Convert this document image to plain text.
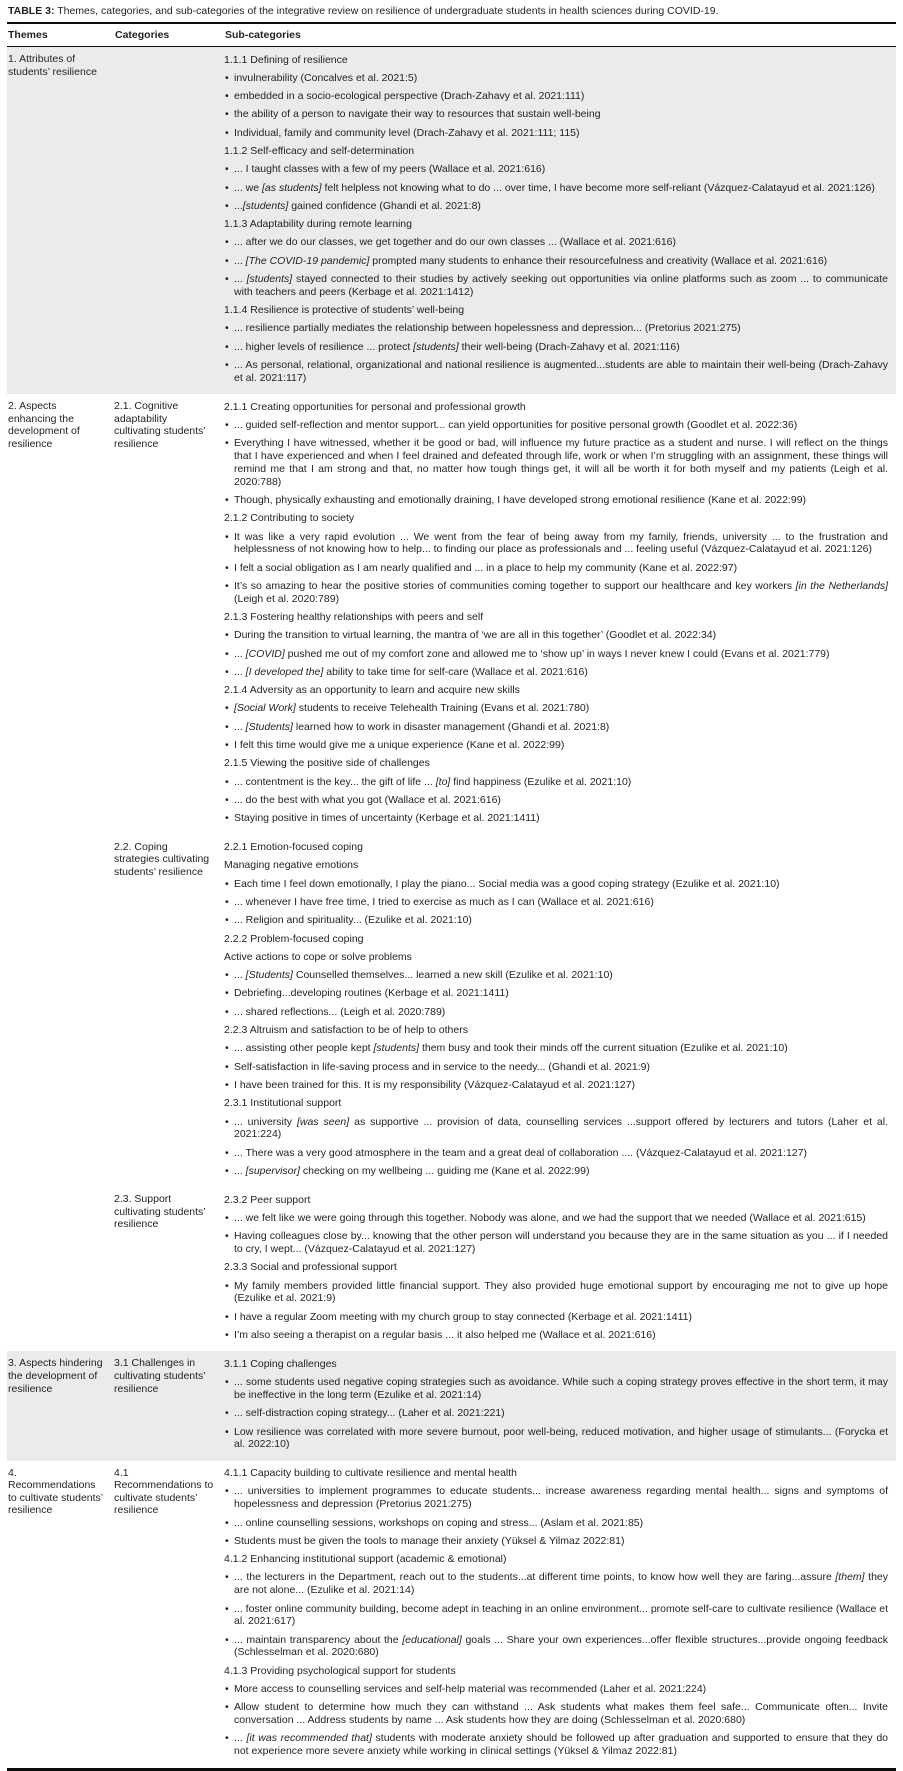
TABLE 3: Themes, categories, and sub-categories of the integrative review on resilience of undergraduate students in health sciences during COVID-19.
Themes	Categories	Sub-categories
1. Attributes of students’ resilience
1.1.1 Defining of resilience
• invulnerability (Concalves et al. 2021:5)
• embedded in a socio-ecological perspective (Drach-Zahavy et al. 2021:111)
• the ability of a person to navigate their way to resources that sustain well-being
• Individual, family and community level (Drach-Zahavy et al. 2021:111; 115)
1.1.2 Self-efficacy and self-determination
• ... I taught classes with a few of my peers (Wallace et al. 2021:616)
• ... we [as students] felt helpless not knowing what to do ... over time, I have become more self-reliant (Vázquez-Calatayud et al. 2021:126)
• ...[students] gained confidence (Ghandi et al. 2021:8)
1.1.3 Adaptability during remote learning
• ... after we do our classes, we get together and do our own classes ... (Wallace et al. 2021:616)
• ... [The COVID-19 pandemic] prompted many students to enhance their resourcefulness and creativity (Wallace et al. 2021:616)
• ... [students] stayed connected to their studies by actively seeking out opportunities via online platforms such as zoom ... to communicate with teachers and peers (Kerbage et al. 2021:1412)
1.1.4 Resilience is protective of students’ well-being
• ... resilience partially mediates the relationship between hopelessness and depression... (Pretorius 2021:275)
• ... higher levels of resilience ... protect [students] their well-being (Drach-Zahavy et al. 2021:116)
• ... As personal, relational, organizational and national resilience is augmented...students are able to maintain their well-being (Drach-Zahavy et al. 2021:117)
2. Aspects enhancing the development of resilience
2.1. Cognitive adaptability cultivating students’ resilience
2.1.1 Creating opportunities for personal and professional growth
• ... guided self-reflection and mentor support... can yield opportunities for positive personal growth (Goodlet et al. 2022:36)
• Everything I have witnessed, whether it be good or bad, will influence my future practice as a student and nurse. I will reflect on the things that I have experienced and when I feel drained and defeated through life, work or when I’m struggling with an assignment, these things will remind me that I am strong and that, no matter how tough things get, it will all be worth it for both myself and my patients (Leigh et al. 2020:788)
• Though, physically exhausting and emotionally draining, I have developed strong emotional resilience (Kane et al. 2022:99)
2.1.2 Contributing to society
• It was like a very rapid evolution ... We went from the fear of being away from my family, friends, university ... to the frustration and helplessness of not knowing how to help... to finding our place as professionals and ... feeling useful (Vázquez-Calatayud et al. 2021:126)
• I felt a social obligation as I am nearly qualified and ... in a place to help my community (Kane et al. 2022:97)
• It’s so amazing to hear the positive stories of communities coming together to support our healthcare and key workers [in the Netherlands] (Leigh et al. 2020:789)
2.1.3 Fostering healthy relationships with peers and self
• During the transition to virtual learning, the mantra of ‘we are all in this together’ (Goodlet et al. 2022:34)
• ... [COVID] pushed me out of my comfort zone and allowed me to ‘show up’ in ways I never knew I could (Evans et al. 2021:779)
• ... [I developed the] ability to take time for self-care (Wallace et al. 2021:616)
2.1.4 Adversity as an opportunity to learn and acquire new skills
• [Social Work] students to receive Telehealth Training (Evans et al. 2021:780)
• ... [Students] learned how to work in disaster management (Ghandi et al. 2021:8)
• I felt this time would give me a unique experience (Kane et al. 2022:99)
2.1.5 Viewing the positive side of challenges
• ... contentment is the key... the gift of life ... [to] find happiness (Ezulike et al. 2021:10)
• ... do the best with what you got (Wallace et al. 2021:616)
• Staying positive in times of uncertainty (Kerbage et al. 2021:1411)
2.2. Coping strategies cultivating students’ resilience
2.2.1 Emotion-focused coping
Managing negative emotions
• Each time I feel down emotionally, I play the piano... Social media was a good coping strategy (Ezulike et al. 2021:10)
• ... whenever I have free time, I tried to exercise as much as I can (Wallace et al. 2021:616)
• ... Religion and spirituality... (Ezulike et al. 2021:10)
2.2.2 Problem-focused coping
Active actions to cope or solve problems
• ... [Students] Counselled themselves... learned a new skill (Ezulike et al. 2021:10)
• Debriefing...developing routines (Kerbage et al. 2021:1411)
• ... shared reflections... (Leigh et al. 2020:789)
2.2.3 Altruism and satisfaction to be of help to others
• ... assisting other people kept [students] them busy and took their minds off the current situation (Ezulike et al. 2021:10)
• Self-satisfaction in life-saving process and in service to the needy... (Ghandi et al. 2021:9)
• I have been trained for this. It is my responsibility (Vázquez-Calatayud et al. 2021:127)
2.3.1 Institutional support
• ... university [was seen] as supportive ... provision of data, counselling services ...support offered by lecturers and tutors (Laher et al. 2021:224)
• ... There was a very good atmosphere in the team and a great deal of collaboration .... (Vázquez-Calatayud et al. 2021:127)
• ... [supervisor] checking on my wellbeing ... guiding me (Kane et al. 2022:99)
2.3. Support cultivating students’ resilience
2.3.2 Peer support
• ... we felt like we were going through this together. Nobody was alone, and we had the support that we needed (Wallace et al. 2021:615)
• Having colleagues close by... knowing that the other person will understand you because they are in the same situation as you ... if I needed to cry, I wept... (Vázquez-Calatayud et al. 2021:127)
2.3.3 Social and professional support
• My family members provided little financial support. They also provided huge emotional support by encouraging me not to give up hope (Ezulike et al. 2021:9)
• I have a regular Zoom meeting with my church group to stay connected (Kerbage et al. 2021:1411)
• I’m also seeing a therapist on a regular basis ... it also helped me (Wallace et al. 2021:616)
3. Aspects hindering the development of resilience
3.1 Challenges in cultivating students’ resilience
3.1.1 Coping challenges
• ... some students used negative coping strategies such as avoidance. While such a coping strategy proves effective in the short term, it may be ineffective in the long term (Ezulike et al. 2021:14)
• ... self-distraction coping strategy... (Laher et al. 2021:221)
• Low resilience was correlated with more severe burnout, poor well-being, reduced motivation, and higher usage of stimulants... (Forycka et al. 2022:10)
4. Recommendations to cultivate students’ resilience
4.1 Recommendations to cultivate students’ resilience
4.1.1 Capacity building to cultivate resilience and mental health
• ... universities to implement programmes to educate students... increase awareness regarding mental health... signs and symptoms of hopelessness and depression (Pretorius 2021:275)
• ... online counselling sessions, workshops on coping and stress... (Aslam et al. 2021:85)
• Students must be given the tools to manage their anxiety (Yüksel & Yilmaz 2022:81)
4.1.2 Enhancing institutional support (academic & emotional)
• ... the lecturers in the Department, reach out to the students...at different time points, to know how well they are faring...assure [them] they are not alone... (Ezulike et al. 2021:14)
• ... foster online community building, become adept in teaching in an online environment... promote self-care to cultivate resilience (Wallace et al. 2021:617)
• ... maintain transparency about the [educational] goals ... Share your own experiences...offer flexible structures...provide ongoing feedback (Schlesselman et al. 2020:680)
4.1.3 Providing psychological support for students
• More access to counselling services and self-help material was recommended (Laher et al. 2021:224)
• Allow student to determine how much they can withstand ... Ask students what makes them feel safe... Communicate often... Invite conversation ... Address students by name ... Ask students how they are doing (Schlesselman et al. 2020:680)
• ... [it was recommended that] students with moderate anxiety should be followed up after graduation and supported to ensure that they do not experience more severe anxiety while working in clinical settings (Yüksel & Yilmaz 2022:81)
